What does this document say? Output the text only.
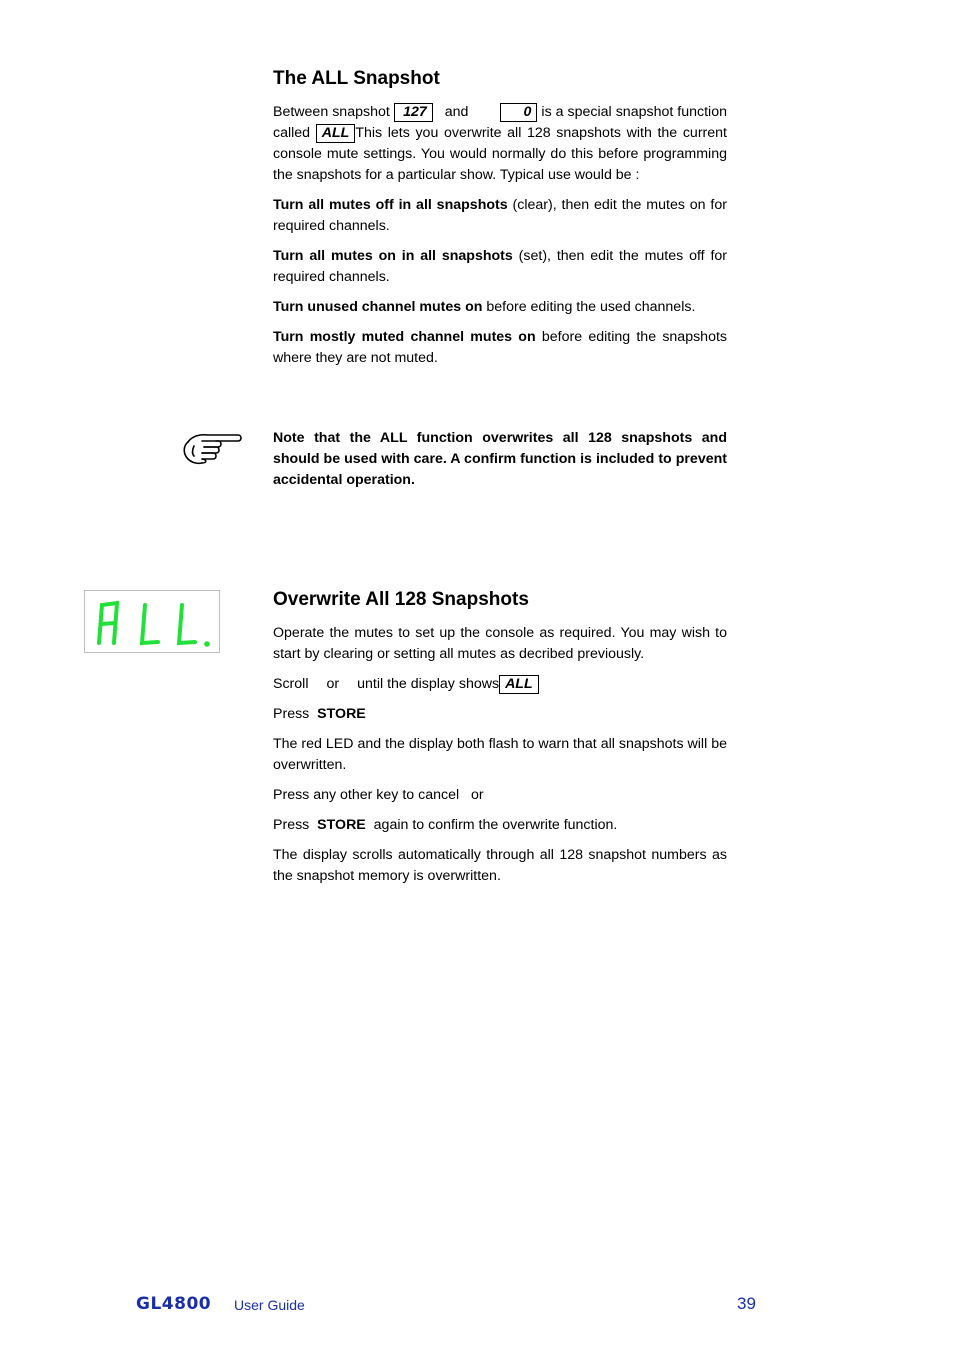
The ALL Snapshot

Between snapshot 127 and	0 is a special snapshot function called ALL This lets you overwrite all 128 snapshots with the current console mute settings. You would normally do this before programming the snapshots for a particular show. Typical use would be :

Turn all mutes off in all snapshots (clear), then edit the mutes on for required channels.

Turn all mutes on in all snapshots (set), then edit the mutes off for required channels.

Turn unused channel mutes on before editing the used channels.

Turn mostly muted channel mutes on before editing the snapshots where they are not muted.

Note that the ALL function overwrites all 128 snapshots and should be used with care. A confirm function is included to prevent accidental operation.

Overwrite All 128 Snapshots

Operate the mutes to set up the console as required. You may wish to start by clearing or setting all mutes as decribed previously.

Scroll or until the display shows ALL

Press STORE

The red LED and the display both flash to warn that all snapshots will be overwritten.

Press any other key to cancel or

Press STORE again to confirm the overwrite function.

The display scrolls automatically through all 128 snapshot numbers as the snapshot memory is overwritten.

GL4800 User Guide	39
